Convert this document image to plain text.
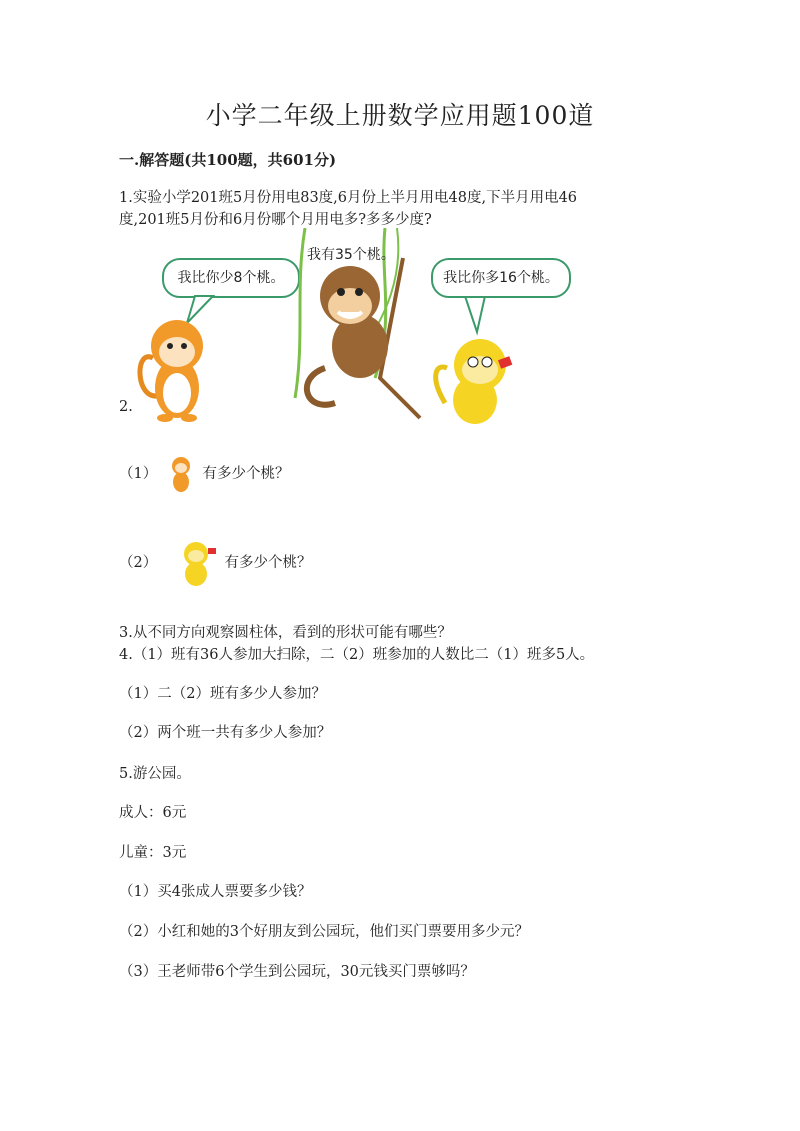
小学二年级上册数学应用题100道
一.解答题(共100题，共601分)
1.实验小学201班5月份用电83度,6月份上半月用电48度,下半月用电46
度,201班5月份和6月份哪个月用电多?多多少度?
2.
我比你少8个桃。
我有35个桃。
我比你多16个桃。
（1）	有多少个桃？
（2）	有多少个桃？
3.从不同方向观察圆柱体，看到的形状可能有哪些？
4.（1）班有36人参加大扫除，二（2）班参加的人数比二（1）班多5人。
（1）二（2）班有多少人参加？
（2）两个班一共有多少人参加？
5.游公园。
成人：6元
儿童：3元
（1）买4张成人票要多少钱？
（2）小红和她的3个好朋友到公园玩，他们买门票要用多少元？
（3）王老师带6个学生到公园玩，30元钱买门票够吗？
